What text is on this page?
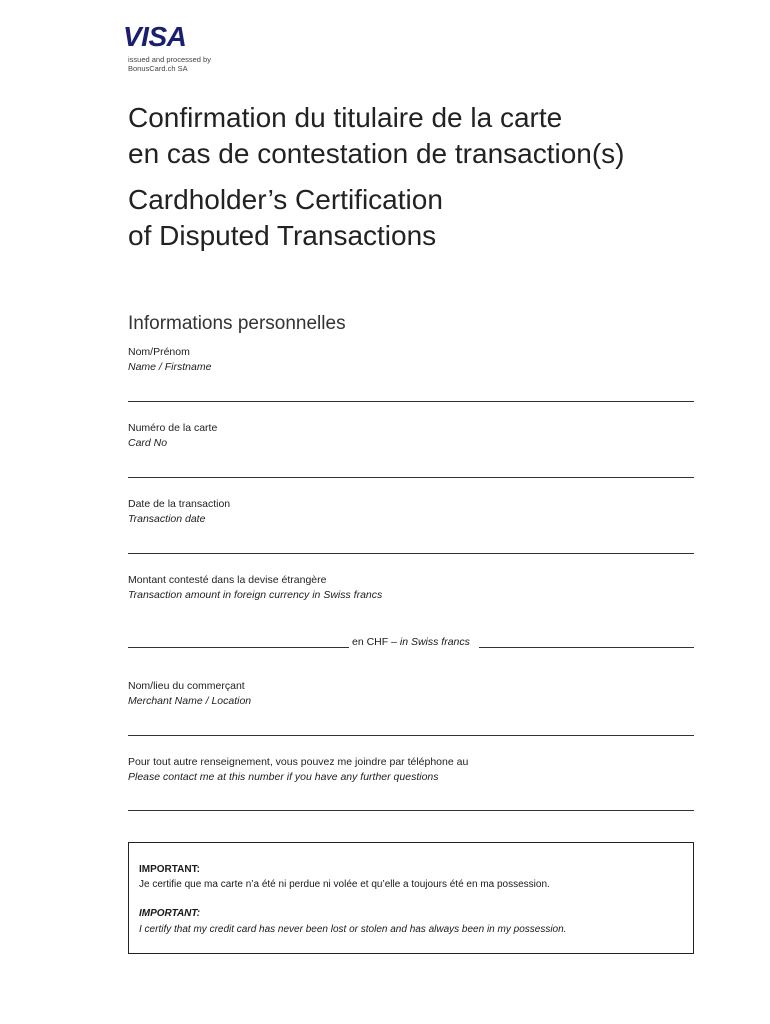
VISA
issued and processed by
BonusCard.ch SA
Confirmation du titulaire de la carte
en cas de contestation de transaction(s)
Cardholder’s Certification
of Disputed Transactions
Informations personnelles
Nom/Prénom
Name / Firstname
Numéro de la carte
Card No
Date de la transaction
Transaction date
Montant contesté dans la devise étrangère
Transaction amount in foreign currency in Swiss francs
en CHF – in Swiss francs
Nom/lieu du commerçant
Merchant Name / Location
Pour tout autre renseignement, vous pouvez me joindre par téléphone au
Please contact me at this number if you have any further questions
IMPORTANT:
Je certifie que ma carte n’a été ni perdue ni volée et qu’elle a toujours été en ma possession.
IMPORTANT:
I certify that my credit card has never been lost or stolen and has always been in my possession.
